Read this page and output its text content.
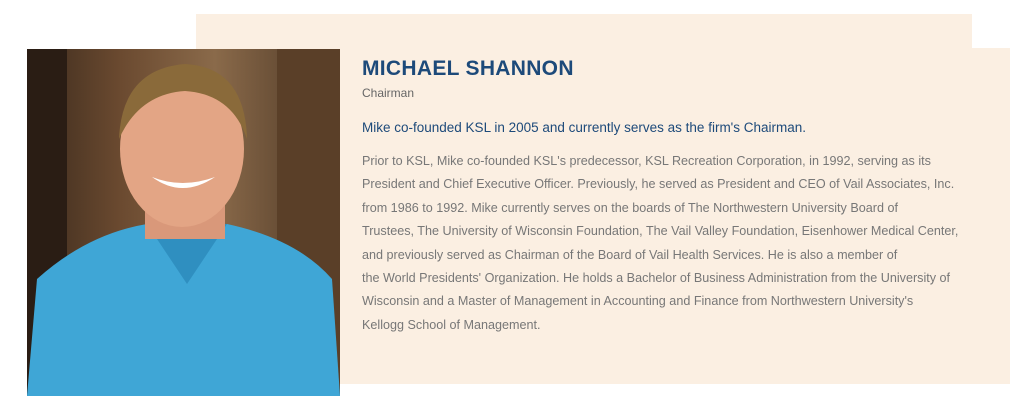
MICHAEL SHANNON
Chairman
Mike co-founded KSL in 2005 and currently serves as the firm's Chairman.
Prior to KSL, Mike co-founded KSL's predecessor, KSL Recreation Corporation, in 1992, serving as its
President and Chief Executive Officer. Previously, he served as President and CEO of Vail Associates, Inc.
from 1986 to 1992. Mike currently serves on the boards of The Northwestern University Board of
Trustees, The University of Wisconsin Foundation, The Vail Valley Foundation, Eisenhower Medical Center,
and previously served as Chairman of the Board of Vail Health Services. He is also a member of
the World Presidents' Organization. He holds a Bachelor of Business Administration from the University of
Wisconsin and a Master of Management in Accounting and Finance from Northwestern University's
Kellogg School of Management.
